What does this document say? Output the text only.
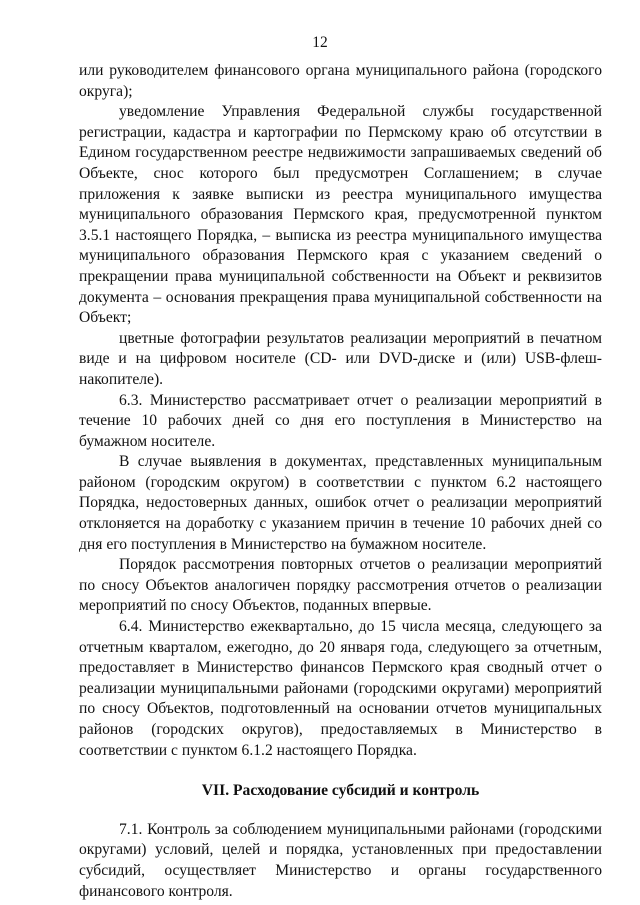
12

или руководителем финансового органа муниципального района (городского округа);

уведомление Управления Федеральной службы государственной регистрации, кадастра и картографии по Пермскому краю об отсутствии в Едином государственном реестре недвижимости запрашиваемых сведений об Объекте, снос которого был предусмотрен Соглашением; в случае приложения к заявке выписки из реестра муниципального имущества муниципального образования Пермского края, предусмотренной пунктом 3.5.1 настоящего Порядка, – выписка из реестра муниципального имущества муниципального образования Пермского края с указанием сведений о прекращении права муниципальной собственности на Объект и реквизитов документа – основания прекращения права муниципальной собственности на Объект;

цветные фотографии результатов реализации мероприятий в печатном виде и на цифровом носителе (CD- или DVD-диске и (или) USB-флеш-накопителе).

6.3. Министерство рассматривает отчет о реализации мероприятий в течение 10 рабочих дней со дня его поступления в Министерство на бумажном носителе.

В случае выявления в документах, представленных муниципальным районом (городским округом) в соответствии с пунктом 6.2 настоящего Порядка, недостоверных данных, ошибок отчет о реализации мероприятий отклоняется на доработку с указанием причин в течение 10 рабочих дней со дня его поступления в Министерство на бумажном носителе.

Порядок рассмотрения повторных отчетов о реализации мероприятий по сносу Объектов аналогичен порядку рассмотрения отчетов о реализации мероприятий по сносу Объектов, поданных впервые.

6.4. Министерство ежеквартально, до 15 числа месяца, следующего за отчетным кварталом, ежегодно, до 20 января года, следующего за отчетным, предоставляет в Министерство финансов Пермского края сводный отчет о реализации муниципальными районами (городскими округами) мероприятий по сносу Объектов, подготовленный на основании отчетов муниципальных районов (городских округов), предоставляемых в Министерство в соответствии с пунктом 6.1.2 настоящего Порядка.

VII. Расходование субсидий и контроль

7.1. Контроль за соблюдением муниципальными районами (городскими округами) условий, целей и порядка, установленных при предоставлении субсидий, осуществляет Министерство и органы государственного финансового контроля.
